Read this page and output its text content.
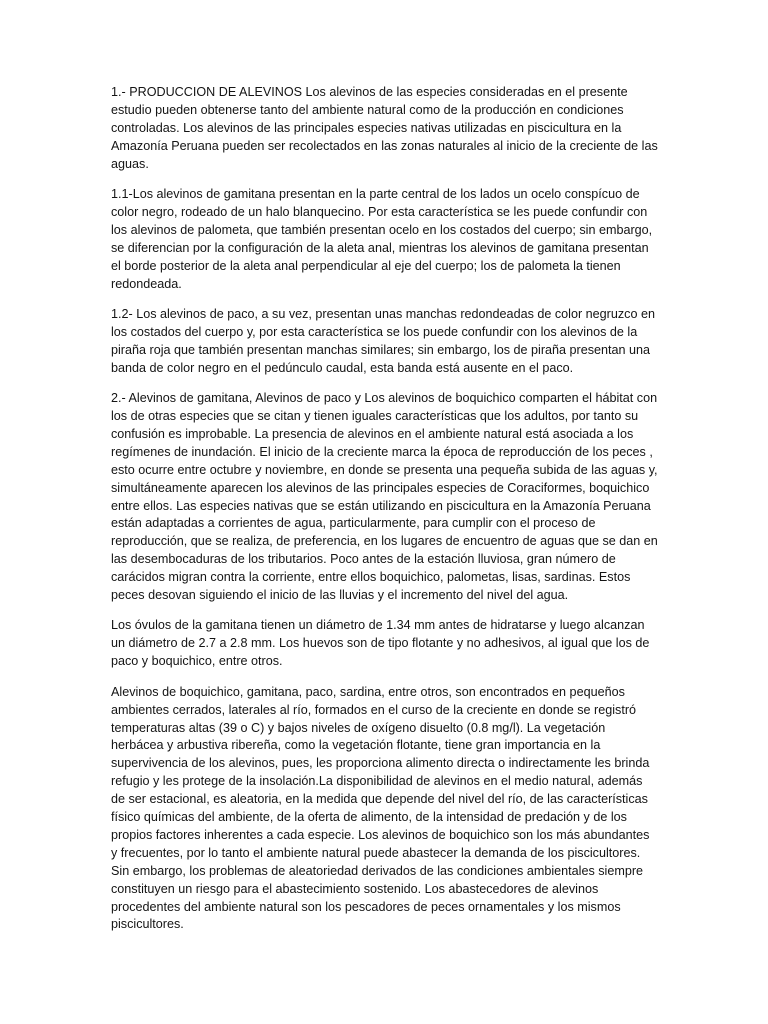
1.- PRODUCCION DE ALEVINOS Los alevinos de las especies consideradas en el presente estudio pueden obtenerse tanto del ambiente natural como de la producción en condiciones controladas. Los alevinos de las principales especies nativas utilizadas en piscicultura en la Amazonía Peruana pueden ser recolectados en las zonas naturales al inicio de la creciente de las aguas.

1.1-Los alevinos de gamitana presentan en la parte central de los lados un ocelo conspícuo de color negro, rodeado de un halo blanquecino. Por esta característica se les puede confundir con los alevinos de palometa, que también presentan ocelo en los costados del cuerpo; sin embargo, se diferencian por la configuración de la aleta anal, mientras los alevinos de gamitana presentan el borde posterior de la aleta anal perpendicular al eje del cuerpo; los de palometa la tienen redondeada.

1.2- Los alevinos de paco, a su vez, presentan unas manchas redondeadas de color negruzco en los costados del cuerpo y, por esta característica se los puede confundir con los alevinos de la piraña roja que también presentan manchas similares; sin embargo, los de piraña presentan una banda de color negro en el pedúnculo caudal, esta banda está ausente en el paco.

2.- Alevinos de gamitana, Alevinos de paco y Los alevinos de boquichico comparten el hábitat con los de otras especies que se citan y tienen iguales características que los adultos, por tanto su confusión es improbable. La presencia de alevinos en el ambiente natural está asociada a los regímenes de inundación. El inicio de la creciente marca la época de reproducción de los peces , esto ocurre entre octubre y noviembre, en donde se presenta una pequeña subida de las aguas y, simultáneamente aparecen los alevinos de las principales especies de Coraciformes, boquichico entre ellos. Las especies nativas que se están utilizando en piscicultura en la Amazonía Peruana están adaptadas a corrientes de agua, particularmente, para cumplir con el proceso de reproducción, que se realiza, de preferencia, en los lugares de encuentro de aguas que se dan en las desembocaduras de los tributarios. Poco antes de la estación lluviosa, gran número de carácidos migran contra la corriente, entre ellos boquichico, palometas, lisas, sardinas. Estos peces desovan siguiendo el inicio de las lluvias y el incremento del nivel del agua.

Los óvulos de la gamitana tienen un diámetro de 1.34 mm antes de hidratarse y luego alcanzan un diámetro de 2.7 a 2.8 mm. Los huevos son de tipo flotante y no adhesivos, al igual que los de paco y boquichico, entre otros.

Alevinos de boquichico, gamitana, paco, sardina, entre otros, son encontrados en pequeños ambientes cerrados, laterales al río, formados en el curso de la creciente en donde se registró temperaturas altas (39 o C) y bajos niveles de oxígeno disuelto (0.8 mg/l). La vegetación herbácea y arbustiva ribereña, como la vegetación flotante, tiene gran importancia en la supervivencia de los alevinos, pues, les proporciona alimento directa o indirectamente les brinda refugio y les protege de la insolación.La disponibilidad de alevinos en el medio natural, además de ser estacional, es aleatoria, en la medida que depende del nivel del río, de las características físico químicas del ambiente, de la oferta de alimento, de la intensidad de predación y de los propios factores inherentes a cada especie. Los alevinos de boquichico son los más abundantes y frecuentes, por lo tanto el ambiente natural puede abastecer la demanda de los piscicultores. Sin embargo, los problemas de aleatoriedad derivados de las condiciones ambientales siempre constituyen un riesgo para el abastecimiento sostenido. Los abastecedores de alevinos procedentes del ambiente natural son los pescadores de peces ornamentales y los mismos piscicultores.
